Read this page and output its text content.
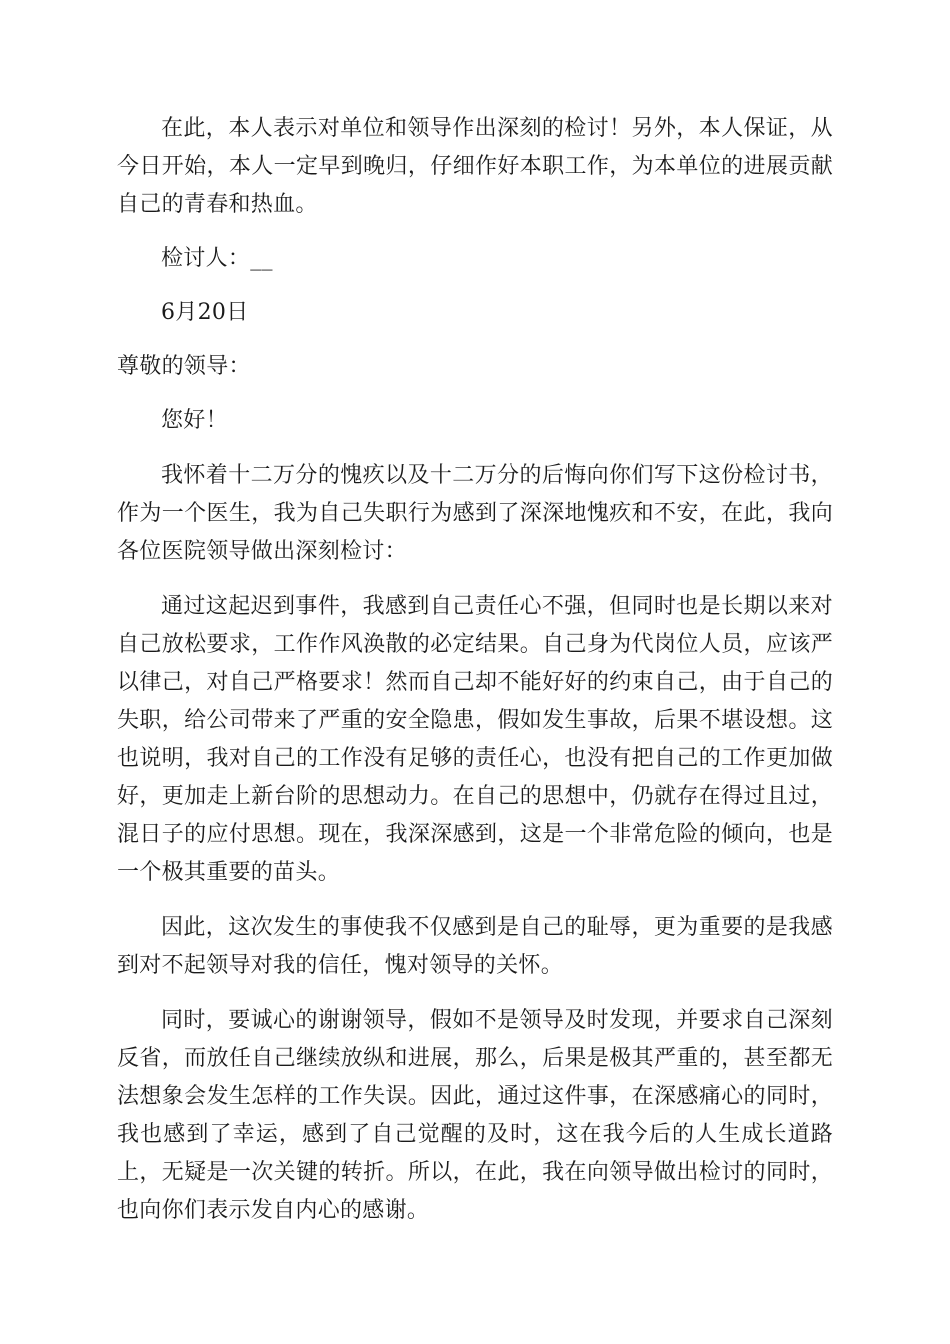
在此，本人表示对单位和领导作出深刻的检讨！另外，本人保证，从今日开始，本人一定早到晚归，仔细作好本职工作，为本单位的进展贡献自己的青春和热血。

检讨人：__

6月20日

尊敬的领导：

您好！

我怀着十二万分的愧疚以及十二万分的后悔向你们写下这份检讨书，作为一个医生，我为自己失职行为感到了深深地愧疚和不安，在此，我向各位医院领导做出深刻检讨：

通过这起迟到事件，我感到自己责任心不强，但同时也是长期以来对自己放松要求，工作作风涣散的必定结果。自己身为代岗位人员，应该严以律己，对自己严格要求！然而自己却不能好好的约束自己，由于自己的失职，给公司带来了严重的安全隐患，假如发生事故，后果不堪设想。这也说明，我对自己的工作没有足够的责任心，也没有把自己的工作更加做好，更加走上新台阶的思想动力。在自己的思想中，仍就存在得过且过，混日子的应付思想。现在，我深深感到，这是一个非常危险的倾向，也是一个极其重要的苗头。

因此，这次发生的事使我不仅感到是自己的耻辱，更为重要的是我感到对不起领导对我的信任，愧对领导的关怀。

同时，要诚心的谢谢领导，假如不是领导及时发现，并要求自己深刻反省，而放任自己继续放纵和进展，那么，后果是极其严重的，甚至都无法想象会发生怎样的工作失误。因此，通过这件事，在深感痛心的同时，我也感到了幸运，感到了自己觉醒的及时，这在我今后的人生成长道路上，无疑是一次关键的转折。所以，在此，我在向领导做出检讨的同时，也向你们表示发自内心的感谢。
